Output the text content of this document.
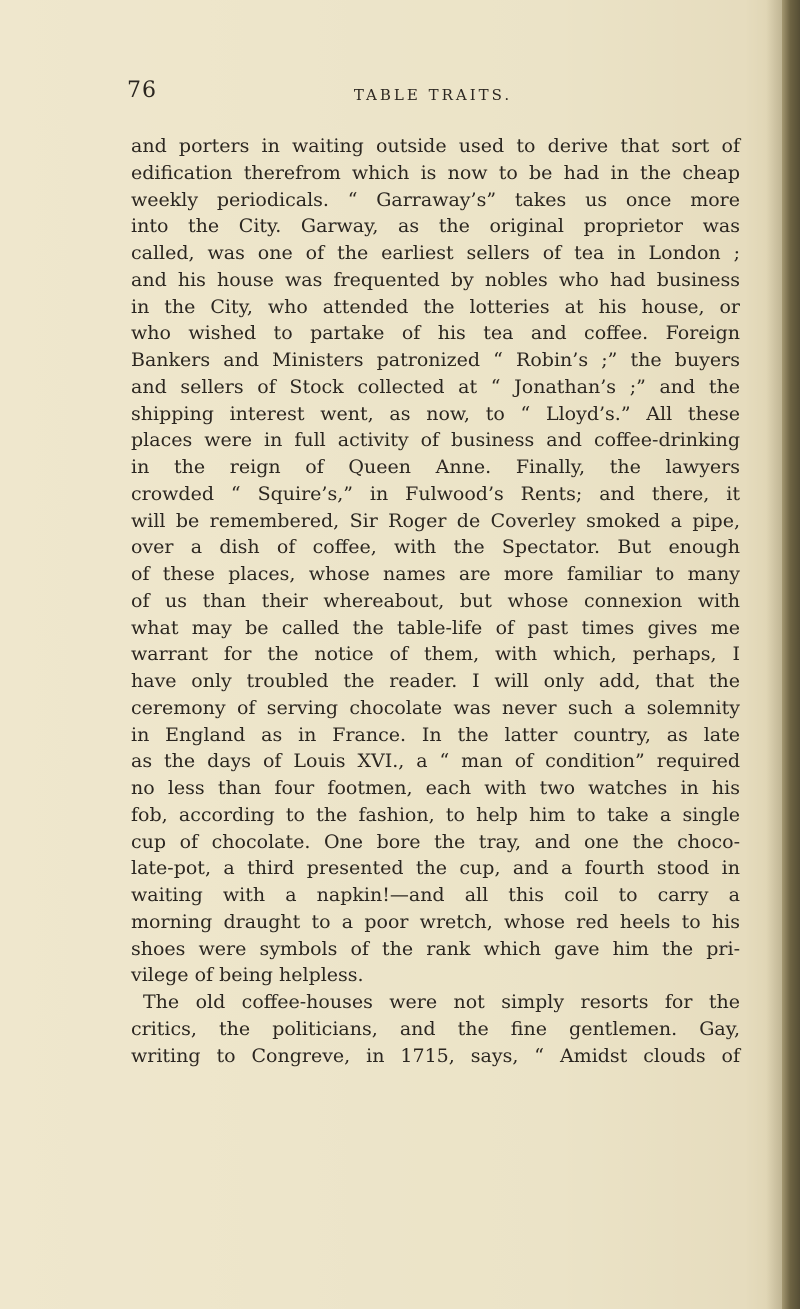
76	TABLE TRAITS.
and porters in waiting outside used to derive that sort of
edification therefrom which is now to be had in the cheap
weekly periodicals. “ Garraway’s” takes us once more
into the City. Garway, as the original proprietor was
called, was one of the earliest sellers of tea in London ;
and his house was frequented by nobles who had business
in the City, who attended the lotteries at his house, or
who wished to partake of his tea and coffee. Foreign
Bankers and Ministers patronized “ Robin’s ;” the buyers
and sellers of Stock collected at “ Jonathan’s ;” and the
shipping interest went, as now, to “ Lloyd’s.” All these
places were in full activity of business and coffee-drinking
in the reign of Queen Anne. Finally, the lawyers
crowded “ Squire’s,” in Fulwood’s Rents; and there, it
will be remembered, Sir Roger de Coverley smoked a pipe,
over a dish of coffee, with the Spectator. But enough
of these places, whose names are more familiar to many
of us than their whereabout, but whose connexion with
what may be called the table-life of past times gives me
warrant for the notice of them, with which, perhaps, I
have only troubled the reader. I will only add, that the
ceremony of serving chocolate was never such a solemnity
in England as in France. In the latter country, as late
as the days of Louis XVI., a “ man of condition” required
no less than four footmen, each with two watches in his
fob, according to the fashion, to help him to take a single
cup of chocolate. One bore the tray, and one the choco-
late-pot, a third presented the cup, and a fourth stood in
waiting with a napkin!—and all this coil to carry a
morning draught to a poor wretch, whose red heels to his
shoes were symbols of the rank which gave him the pri-
vilege of being helpless.
The old coffee-houses were not simply resorts for the
critics, the politicians, and the fine gentlemen. Gay,
writing to Congreve, in 1715, says, “ Amidst clouds of
